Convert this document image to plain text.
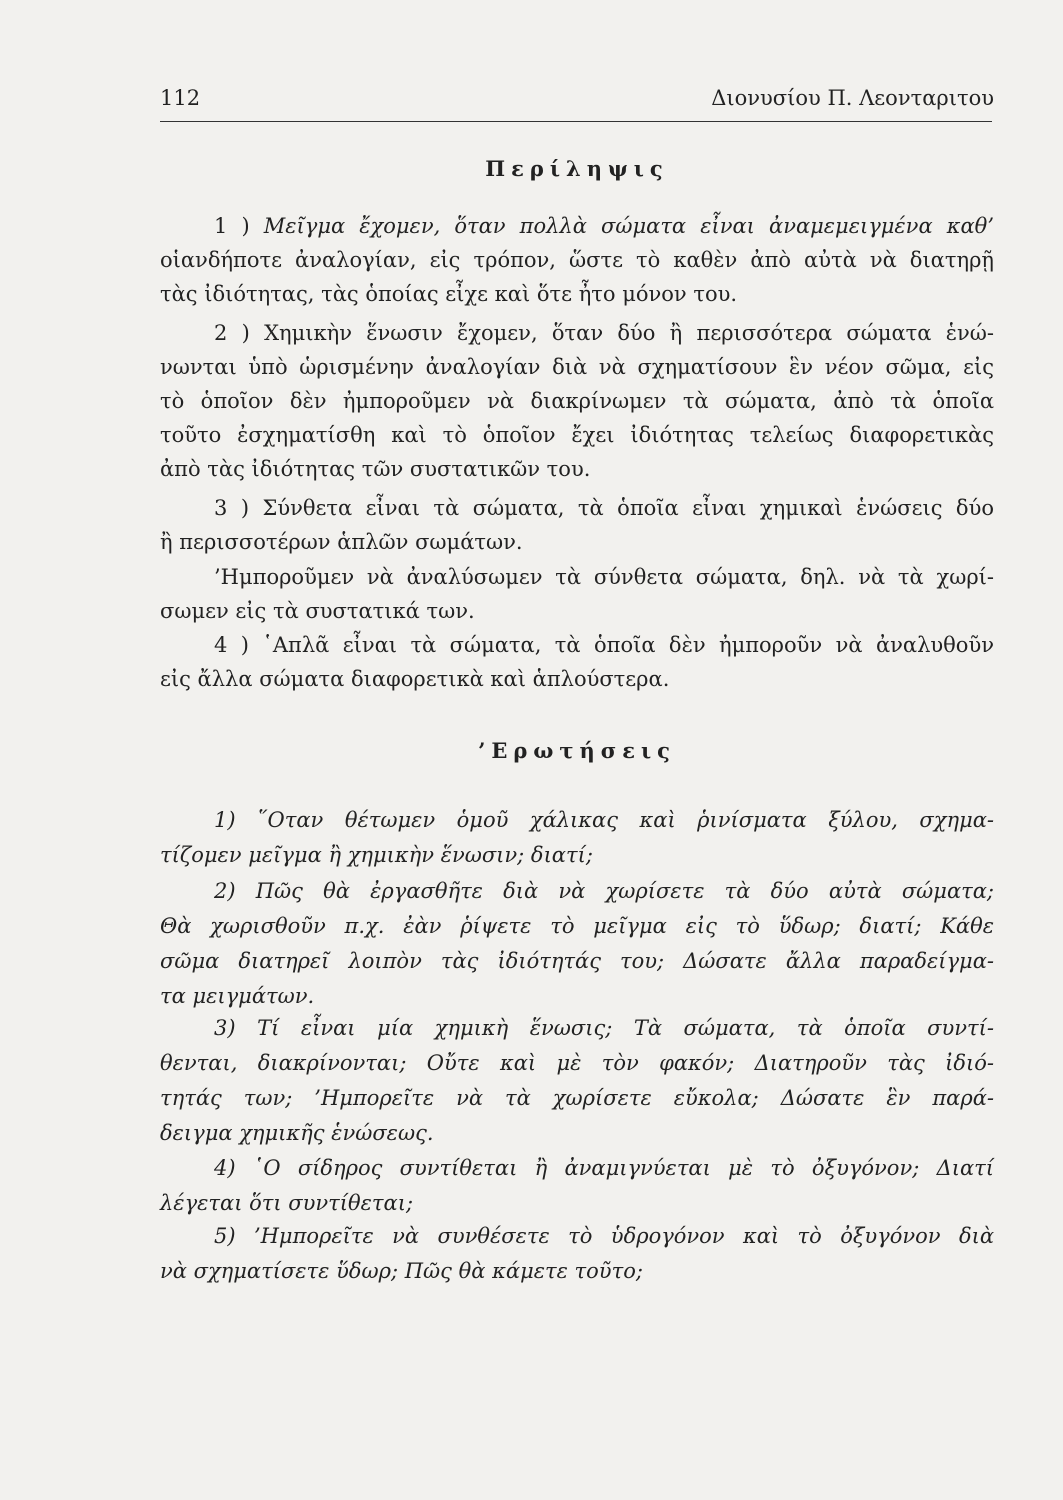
112	Διονυσίου Π. Λεονταριτου
Περίληψις
1 ) Μεῖγμα ἔχομεν, ὅταν πολλὰ σώματα εἶναι ἀναμεμειγμένα καθ’
οἱανδήποτε ἀναλογίαν, εἰς τρόπον, ὥστε τὸ καθὲν ἀπὸ αὐτὰ νὰ διατηρῇ
τὰς ἰδιότητας, τὰς ὁποίας εἶχε καὶ ὅτε ἦτο μόνον του.
2 ) Χημικὴν ἕνωσιν ἔχομεν, ὅταν δύο ἢ περισσότερα σώματα ἑνώ-
νωνται ὑπὸ ὡρισμένην ἀναλογίαν διὰ νὰ σχηματίσουν ἓν νέον σῶμα, εἰς
τὸ ὁποῖον δὲν ἠμποροῦμεν νὰ διακρίνωμεν τὰ σώματα, ἀπὸ τὰ ὁποῖα
τοῦτο ἐσχηματίσθη καὶ τὸ ὁποῖον ἔχει ἰδιότητας τελείως διαφορετικὰς
ἀπὸ τὰς ἰδιότητας τῶν συστατικῶν του.
3 ) Σύνθετα εἶναι τὰ σώματα, τὰ ὁποῖα εἶναι χημικαὶ ἑνώσεις δύο
ἢ περισσοτέρων ἁπλῶν σωμάτων.
’Ημποροῦμεν νὰ ἀναλύσωμεν τὰ σύνθετα σώματα, δηλ. νὰ τὰ χωρί-
σωμεν εἰς τὰ συστατικά των.
4 ) ῾Απλᾶ εἶναι τὰ σώματα, τὰ ὁποῖα δὲν ἠμποροῦν νὰ ἀναλυθοῦν
εἰς ἄλλα σώματα διαφορετικὰ καὶ ἁπλούστερα.
’Ερωτήσεις
1) ῞Οταν θέτωμεν ὁμοῦ χάλικας καὶ ῥινίσματα ξύλου, σχημα-
τίζομεν μεῖγμα ἢ χημικὴν ἕνωσιν; διατί;
2) Πῶς θὰ ἐργασθῆτε διὰ νὰ χωρίσετε τὰ δύο αὐτὰ σώματα;
Θὰ χωρισθοῦν π.χ. ἐὰν ῥίψετε τὸ μεῖγμα εἰς τὸ ὕδωρ; διατί; Κάθε
σῶμα διατηρεῖ λοιπὸν τὰς ἰδιότητάς του; Δώσατε ἄλλα παραδείγμα-
τα μειγμάτων.
3) Τί εἶναι μία χημικὴ ἕνωσις; Τὰ σώματα, τὰ ὁποῖα συντί-
θενται, διακρίνονται; Οὔτε καὶ μὲ τὸν φακόν; Διατηροῦν τὰς ἰδιό-
τητάς των; ’Ημπορεῖτε νὰ τὰ χωρίσετε εὔκολα; Δώσατε ἓν παρά-
δειγμα χημικῆς ἑνώσεως.
4) ῾Ο σίδηρος συντίθεται ἢ ἀναμιγνύεται μὲ τὸ ὀξυγόνον; Διατί
λέγεται ὅτι συντίθεται;
5) ’Ημπορεῖτε νὰ συνθέσετε τὸ ὑδρογόνον καὶ τὸ ὀξυγόνον διὰ
νὰ σχηματίσετε ὕδωρ; Πῶς θὰ κάμετε τοῦτο;
